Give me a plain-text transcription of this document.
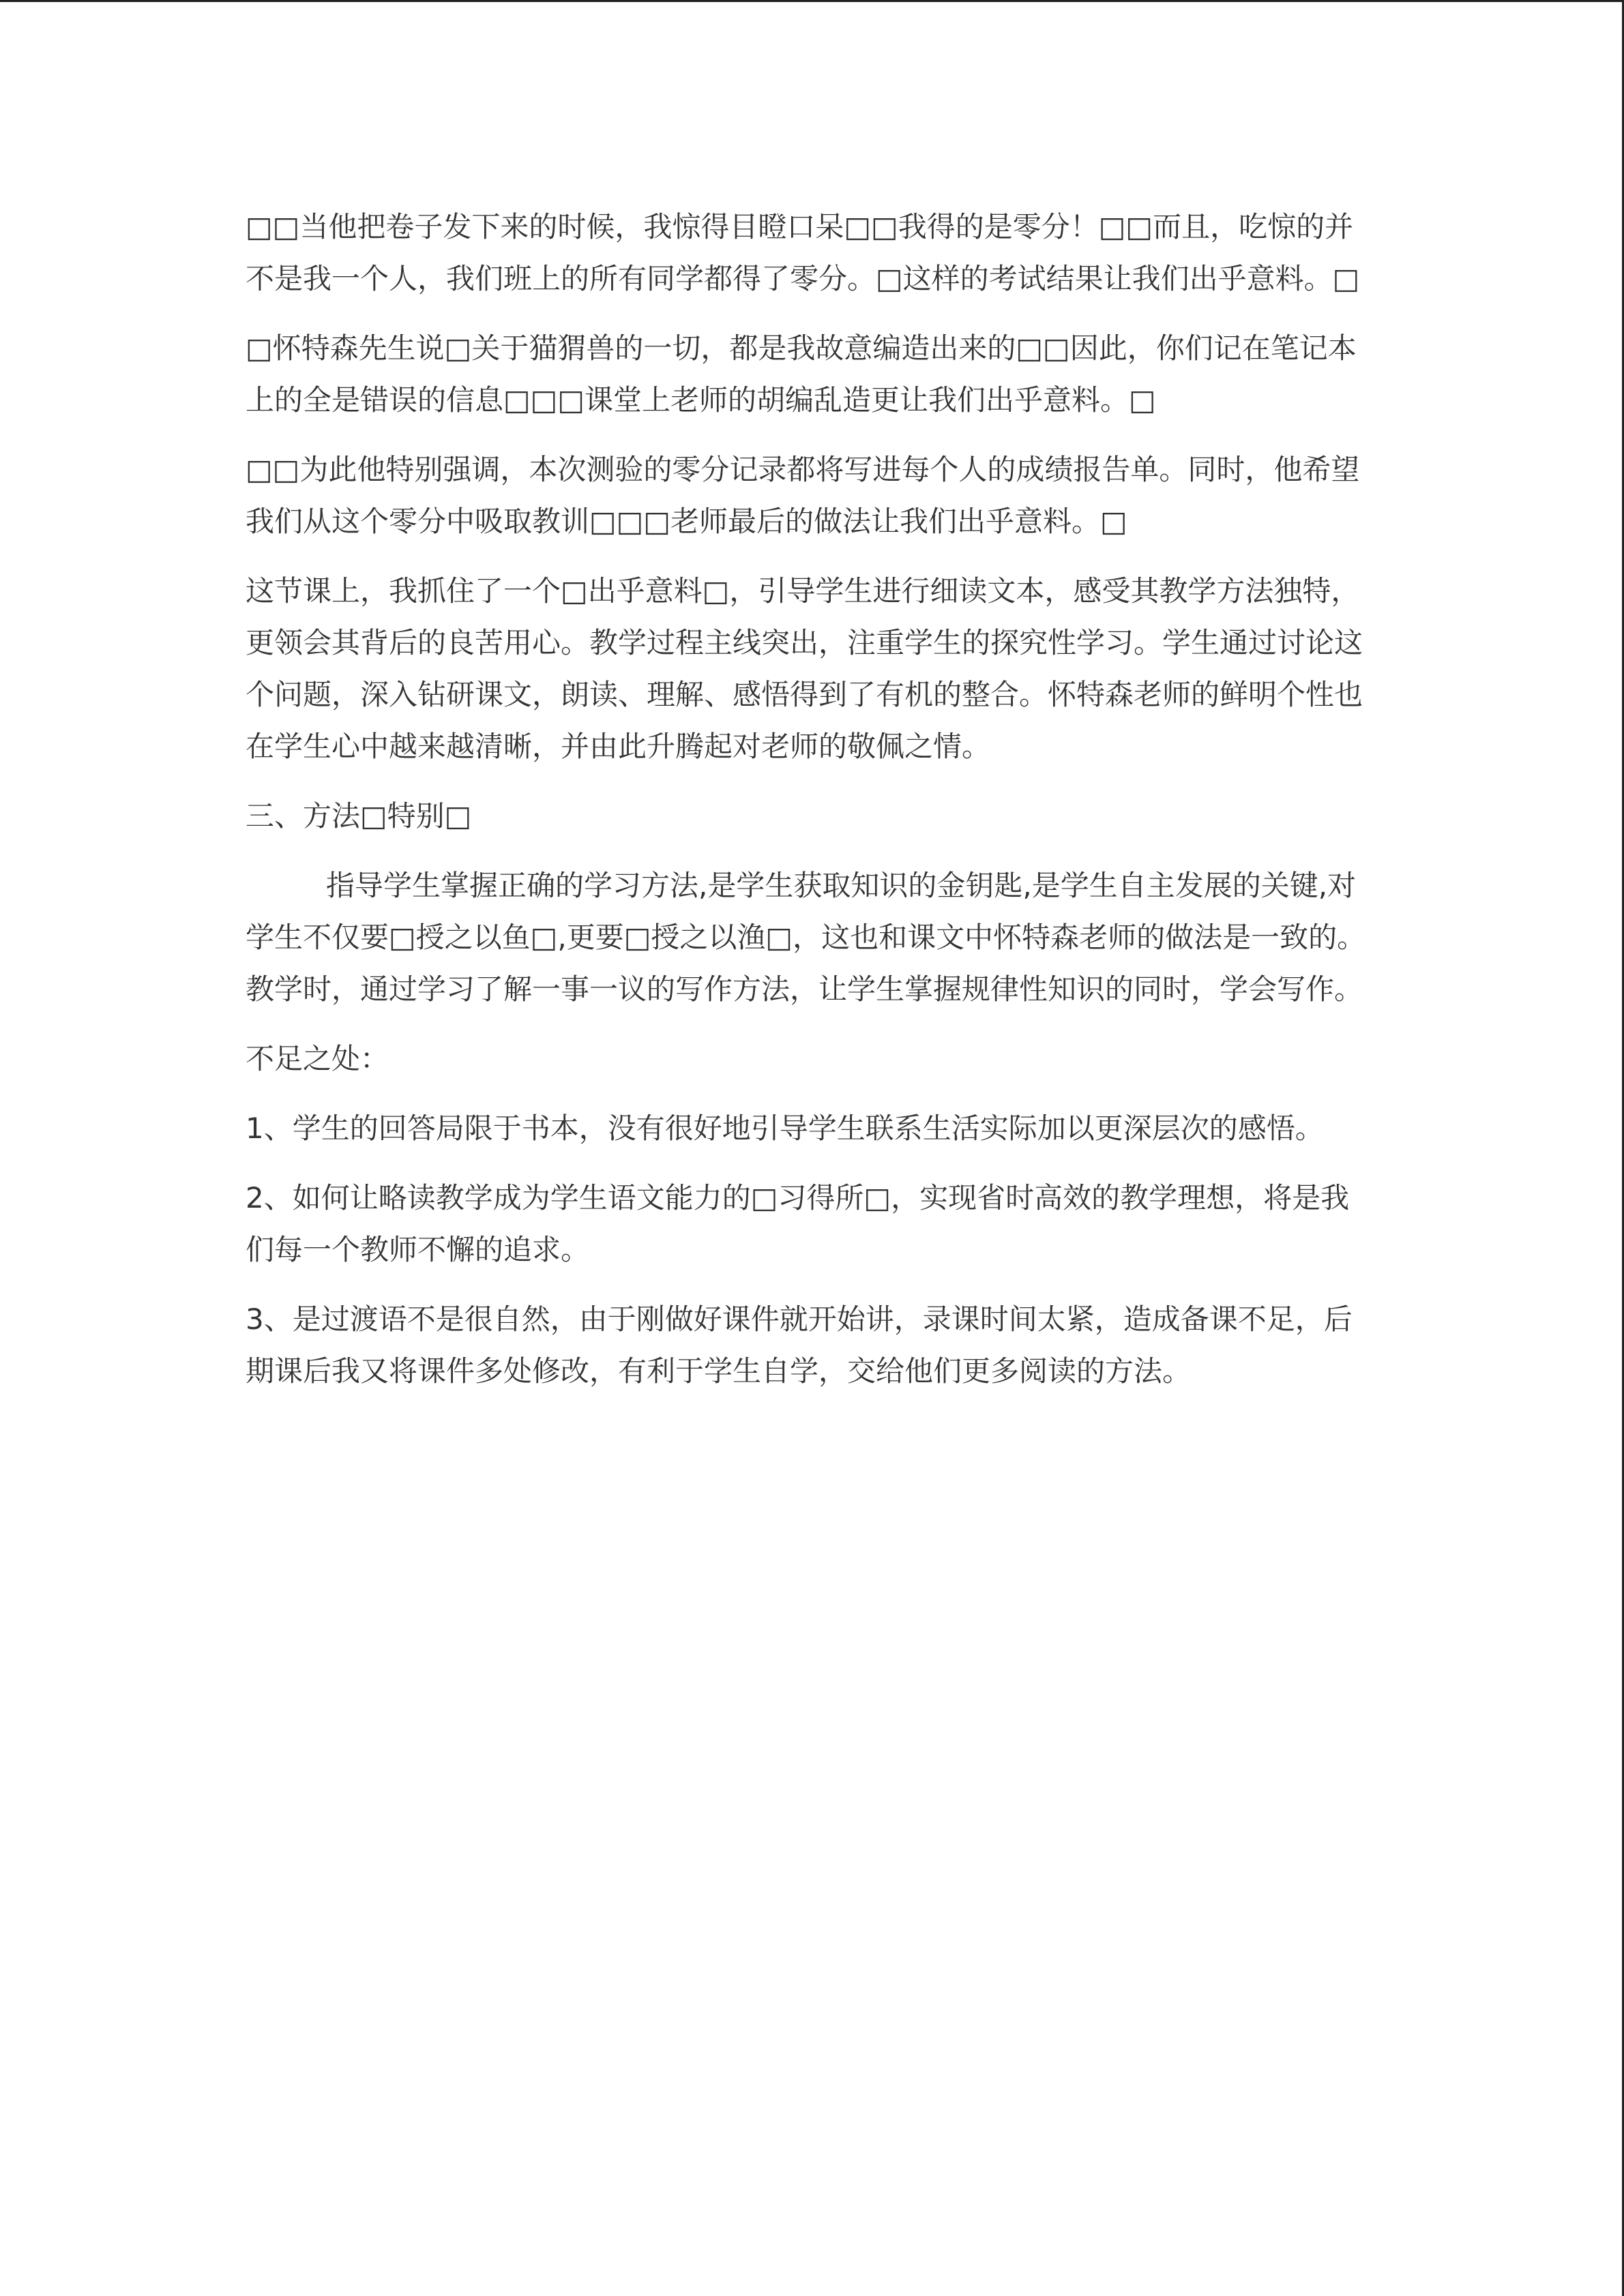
□□当他把卷子发下来的时候，我惊得目瞪口呆□□我得的是零分！□□而且，吃惊的并不是我一个人，我们班上的所有同学都得了零分。□这样的考试结果让我们出乎意料。□

□怀特森先生说□关于猫猬兽的一切，都是我故意编造出来的□□因此，你们记在笔记本上的全是错误的信息□□□课堂上老师的胡编乱造更让我们出乎意料。□

□□为此他特别强调，本次测验的零分记录都将写进每个人的成绩报告单。同时，他希望我们从这个零分中吸取教训□□□老师最后的做法让我们出乎意料。□

这节课上，我抓住了一个□出乎意料□，引导学生进行细读文本，感受其教学方法独特，更领会其背后的良苦用心。教学过程主线突出，注重学生的探究性学习。学生通过讨论这个问题，深入钻研课文，朗读、理解、感悟得到了有机的整合。怀特森老师的鲜明个性也在学生心中越来越清晰，并由此升腾起对老师的敬佩之情。

三、方法□特别□

指导学生掌握正确的学习方法,是学生获取知识的金钥匙,是学生自主发展的关键,对学生不仅要□授之以鱼□,更要□授之以渔□，这也和课文中怀特森老师的做法是一致的。教学时，通过学习了解一事一议的写作方法，让学生掌握规律性知识的同时，学会写作。

不足之处：

1、学生的回答局限于书本，没有很好地引导学生联系生活实际加以更深层次的感悟。

2、如何让略读教学成为学生语文能力的□习得所□，实现省时高效的教学理想，将是我们每一个教师不懈的追求。

3、是过渡语不是很自然，由于刚做好课件就开始讲，录课时间太紧，造成备课不足，后期课后我又将课件多处修改，有利于学生自学，交给他们更多阅读的方法。
